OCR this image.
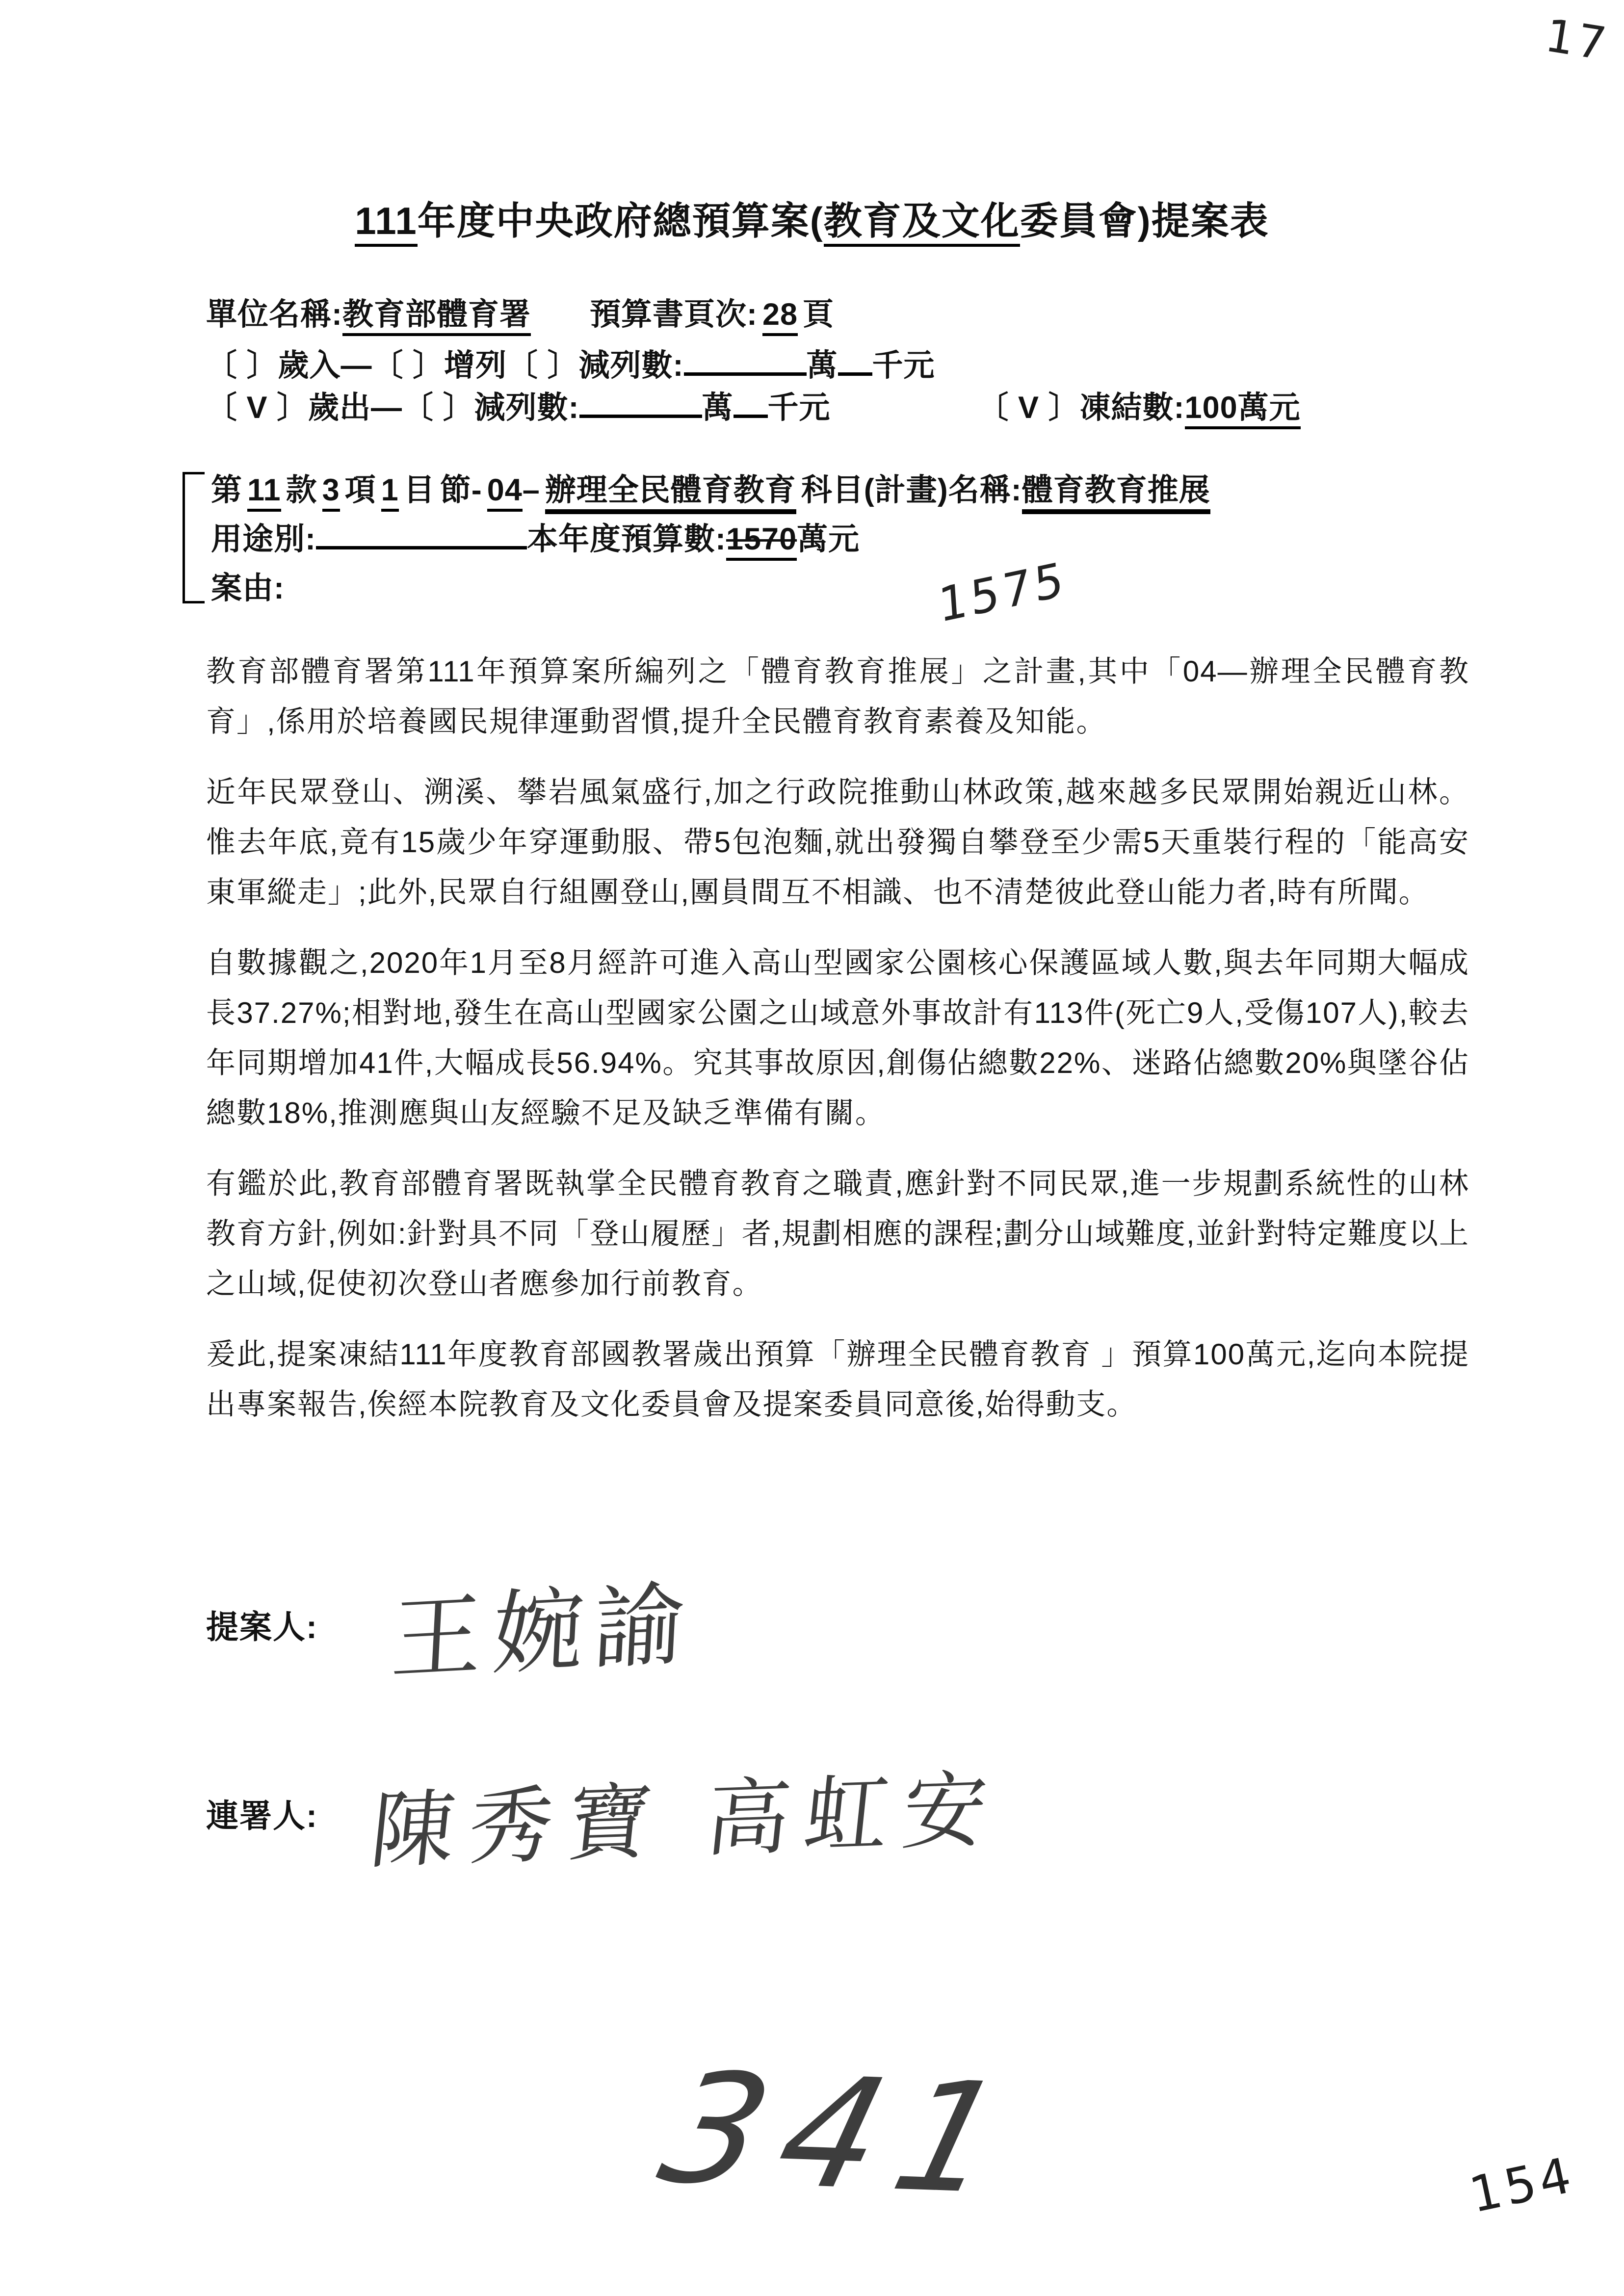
17
111年度中央政府總預算案(教育及文化委員會)提案表
單位名稱:教育部體育署 預算書頁次: 28 頁
〔 〕歲入—〔 〕增列〔 〕減列數:	萬 千元
〔 V 〕歲出—〔 〕減列數:	萬 千元	〔 V 〕凍結數:100萬元
第 11 款 3 項 1 目 節- 04– 辦理全民體育教育 科目(計畫)名稱:體育教育推展
用途別:	本年度預算數:1570萬元
案由:	1575

教育部體育署第111年預算案所編列之「體育教育推展」之計畫,其中「04—辦理全民體育教育」,係用於培養國民規律運動習慣,提升全民體育教育素養及知能。

近年民眾登山、溯溪、攀岩風氣盛行,加之行政院推動山林政策,越來越多民眾開始親近山林。惟去年底,竟有15歲少年穿運動服、帶5包泡麵,就出發獨自攀登至少需5天重裝行程的「能高安東軍縱走」;此外,民眾自行組團登山,團員間互不相識、也不清楚彼此登山能力者,時有所聞。

自數據觀之,2020年1月至8月經許可進入高山型國家公園核心保護區域人數,與去年同期大幅成長37.27%;相對地,發生在高山型國家公園之山域意外事故計有113件(死亡9人,受傷107人),較去年同期增加41件,大幅成長56.94%。究其事故原因,創傷佔總數22%、迷路佔總數20%與墜谷佔總數18%,推測應與山友經驗不足及缺乏準備有關。

有鑑於此,教育部體育署既執掌全民體育教育之職責,應針對不同民眾,進一步規劃系統性的山林教育方針,例如:針對具不同「登山履歷」者,規劃相應的課程;劃分山域難度,並針對特定難度以上之山域,促使初次登山者應參加行前教育。

爰此,提案凍結111年度教育部國教署歲出預算「辦理全民體育教育 」預算100萬元,迄向本院提出專案報告,俟經本院教育及文化委員會及提案委員同意後,始得動支。

提案人: 王婉諭
連署人: 陳秀寶 高虹安
341	154
